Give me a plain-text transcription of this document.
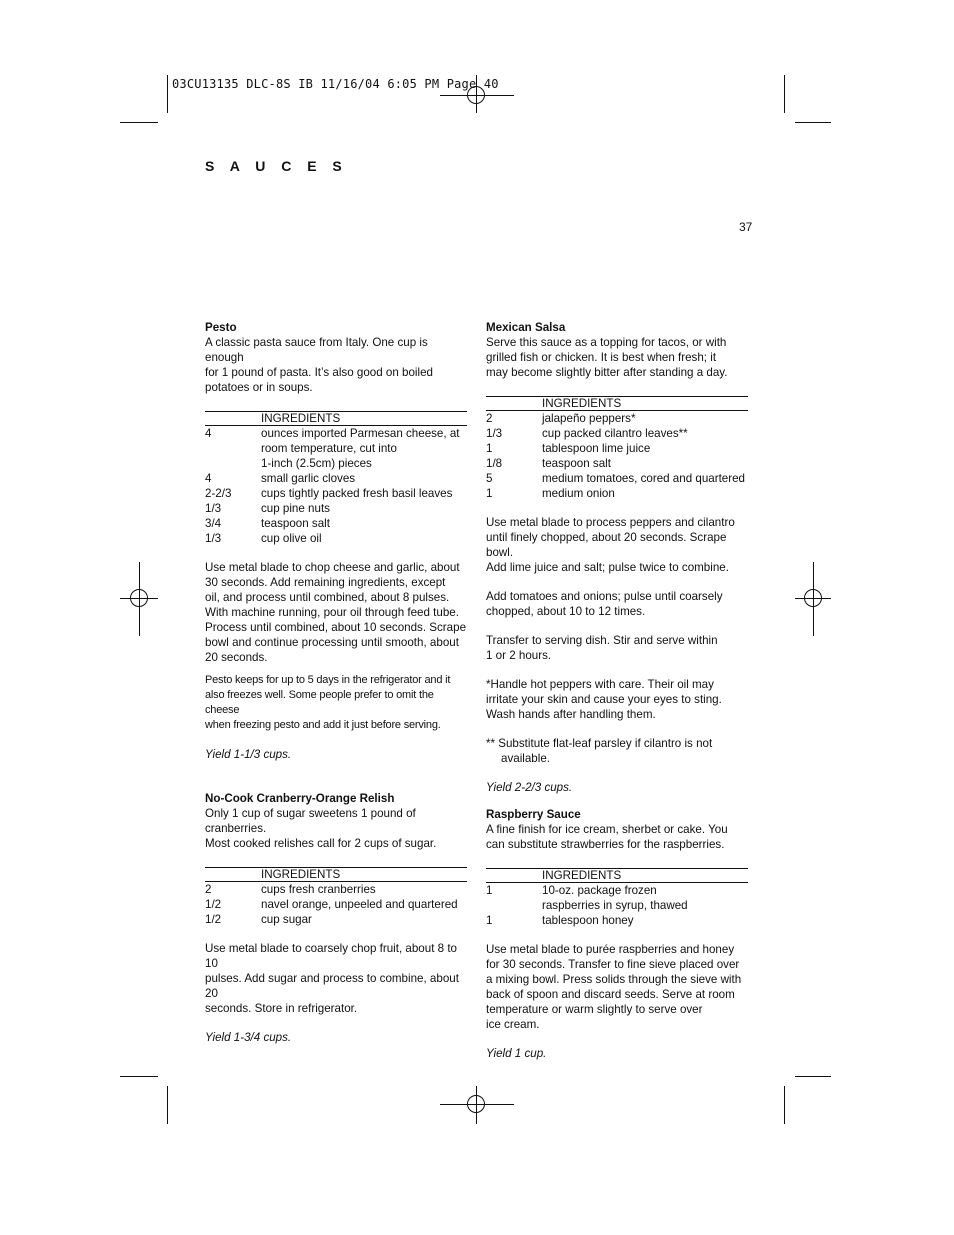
03CU13135 DLC-8S IB 11/16/04 6:05 PM Page 40
S A U C E S
37

Pesto

A classic pasta sauce from Italy. One cup is enough

for 1 pound of pasta. It’s also good on boiled

potatoes or in soups.

INGREDIENTS
4	ounces imported Parmesan cheese, at
room temperature, cut into
1-inch (2.5cm) pieces
4	small garlic cloves
2-2/3	cups tightly packed fresh basil leaves
1/3	cup pine nuts
3/4	teaspoon salt
1/3	cup olive oil

Use metal blade to chop cheese and garlic, about

30 seconds. Add remaining ingredients, except

oil, and process until combined, about 8 pulses.

With machine running, pour oil through feed tube.

Process until combined, about 10 seconds. Scrape

bowl and continue processing until smooth, about

20 seconds.

Pesto keeps for up to 5 days in the refrigerator and it

also freezes well. Some people prefer to omit the cheese

when freezing pesto and add it just before serving.

Yield 1-1/3 cups.

No-Cook Cranberry-Orange Relish

Only 1 cup of sugar sweetens 1 pound of cranberries.

Most cooked relishes call for 2 cups of sugar.

INGREDIENTS
2	cups fresh cranberries
1/2	navel orange, unpeeled and quartered
1/2	cup sugar

Use metal blade to coarsely chop fruit, about 8 to 10

pulses. Add sugar and process to combine, about 20

seconds. Store in refrigerator.

Yield 1-3/4 cups.

Mexican Salsa

Serve this sauce as a topping for tacos, or with

grilled fish or chicken. It is best when fresh; it

may become slightly bitter after standing a day.

INGREDIENTS
2	jalapeño peppers*
1/3	cup packed cilantro leaves**
1	tablespoon lime juice
1/8	teaspoon salt
5	medium tomatoes, cored and quartered
1	medium onion

Use metal blade to process peppers and cilantro

until finely chopped, about 20 seconds. Scrape bowl.

Add lime juice and salt; pulse twice to combine.

Add tomatoes and onions; pulse until coarsely

chopped, about 10 to 12 times.

Transfer to serving dish. Stir and serve within

1 or 2 hours.

*Handle hot peppers with care. Their oil may

irritate your skin and cause your eyes to sting.

Wash hands after handling them.

** Substitute flat-leaf parsley if cilantro is not

available.

Yield 2-2/3 cups.

Raspberry Sauce

A fine finish for ice cream, sherbet or cake. You

can substitute strawberries for the raspberries.

INGREDIENTS
1	10-oz. package frozen
raspberries in syrup, thawed
1	tablespoon honey

Use metal blade to purée raspberries and honey

for 30 seconds. Transfer to fine sieve placed over

a mixing bowl. Press solids through the sieve with

back of spoon and discard seeds. Serve at room

temperature or warm slightly to serve over

ice cream.

Yield 1 cup.
